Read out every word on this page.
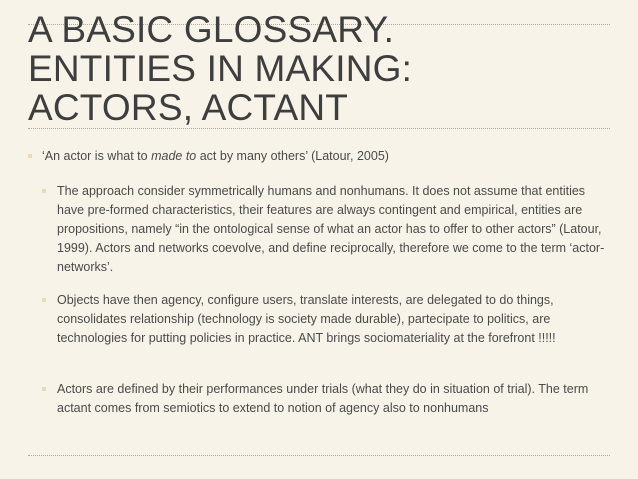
A BASIC GLOSSARY.
ENTITIES IN MAKING:
ACTORS, ACTANT
‘An actor is what to made to act by many others’ (Latour, 2005)
The approach consider symmetrically humans and nonhumans. It does not assume that entities have pre-formed characteristics, their features are always contingent and empirical, entities are propositions, namely “in the ontological sense of what an actor has to offer to other actors” (Latour, 1999). Actors and networks coevolve, and define reciprocally, therefore we come to the term ‘actor-networks’.
Objects have then agency, configure users, translate interests, are delegated to do things, consolidates relationship (technology is society made durable), partecipate to politics, are technologies for putting policies in practice. ANT brings sociomateriality at the forefront !!!!!
Actors are defined by their performances under trials (what they do in situation of trial). The term actant comes from semiotics to extend to notion of agency also to nonhumans
